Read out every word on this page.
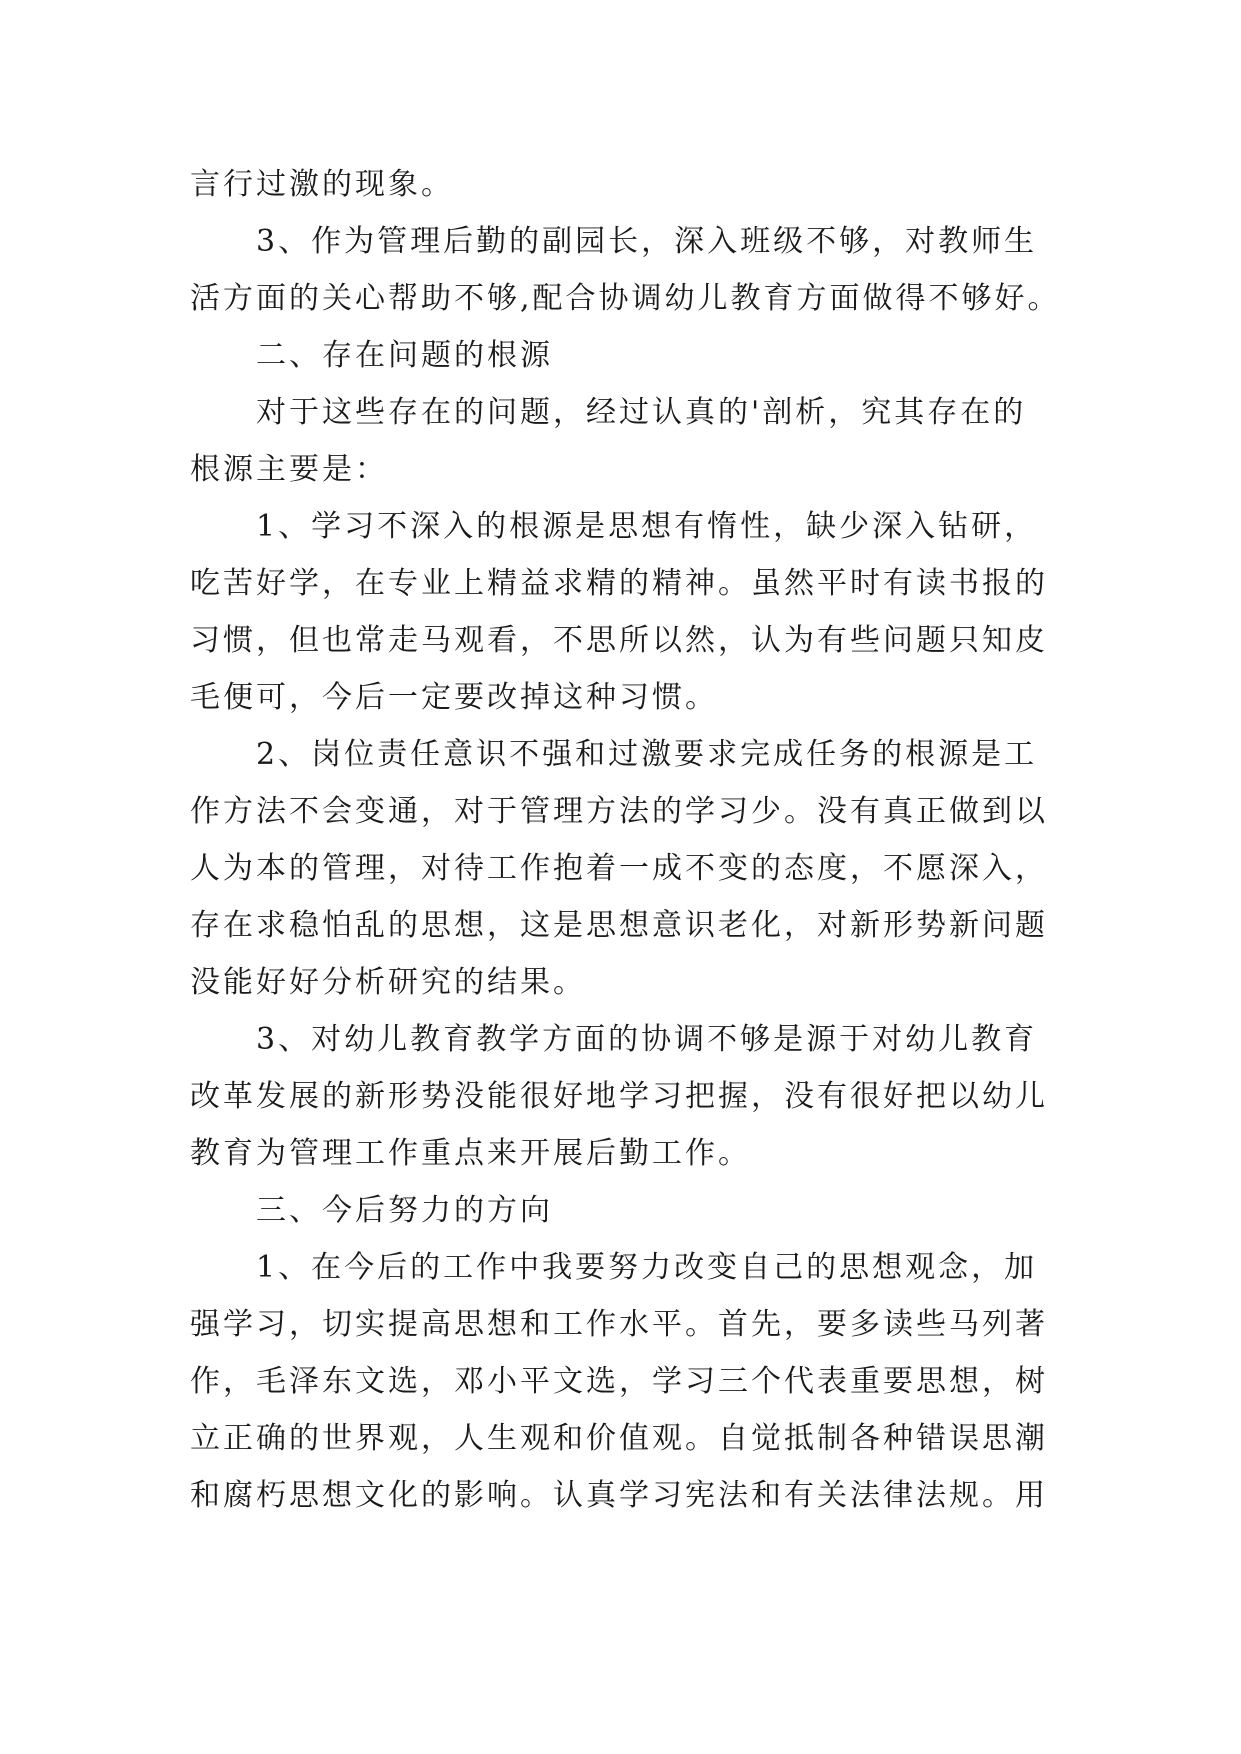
言行过激的现象。
　　3、作为管理后勤的副园长，深入班级不够，对教师生
活方面的关心帮助不够,配合协调幼儿教育方面做得不够好。
　　二、存在问题的根源
　　对于这些存在的问题，经过认真的'剖析，究其存在的
根源主要是：
　　1、学习不深入的根源是思想有惰性，缺少深入钻研，
吃苦好学，在专业上精益求精的精神。虽然平时有读书报的
习惯，但也常走马观看，不思所以然，认为有些问题只知皮
毛便可，今后一定要改掉这种习惯。
　　2、岗位责任意识不强和过激要求完成任务的根源是工
作方法不会变通，对于管理方法的学习少。没有真正做到以
人为本的管理，对待工作抱着一成不变的态度，不愿深入，
存在求稳怕乱的思想，这是思想意识老化，对新形势新问题
没能好好分析研究的结果。
　　3、对幼儿教育教学方面的协调不够是源于对幼儿教育
改革发展的新形势没能很好地学习把握，没有很好把以幼儿
教育为管理工作重点来开展后勤工作。
　　三、今后努力的方向
　　1、在今后的工作中我要努力改变自己的思想观念，加
强学习，切实提高思想和工作水平。首先，要多读些马列著
作，毛泽东文选，邓小平文选，学习三个代表重要思想，树
立正确的世界观，人生观和价值观。自觉抵制各种错误思潮
和腐朽思想文化的影响。认真学习宪法和有关法律法规。用
